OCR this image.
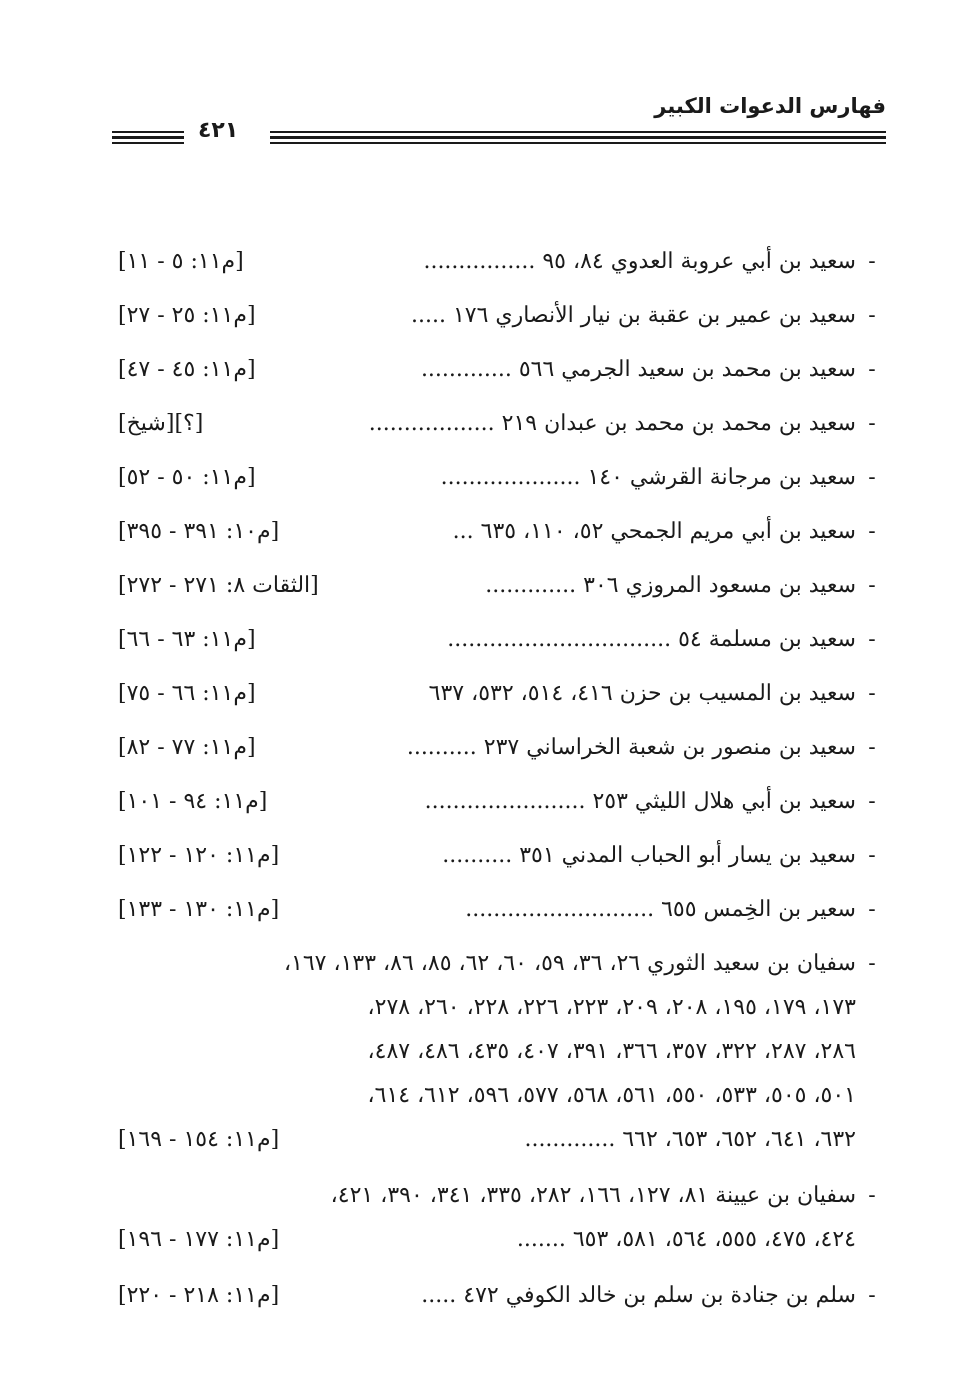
فهارس الدعوات الكبير
٤٢١
-سعيد بن أبي عروبة العدوي ٨٤، ٩٥ ................
[م١١: ٥ - ١١]
-سعيد بن عمير بن عقبة بن نيار الأنصاري ١٧٦ .....
[م١١: ٢٥ - ٢٧]
-سعيد بن محمد بن سعيد الجرمي ٥٦٦ .............
[م١١: ٤٥ - ٤٧]
-سعيد بن محمد بن محمد بن عبدان ٢١٩ ..................
[؟][شيخ]
-سعيد بن مرجانة القرشي ١٤٠ ....................
[م١١: ٥٠ - ٥٢]
-سعيد بن أبي مريم الجمحي ٥٢، ١١٠، ٦٣٥ ...
[م١٠: ٣٩١ - ٣٩٥]
-سعيد بن مسعود المروزي ٣٠٦ .............
[الثقات ٨: ٢٧١ - ٢٧٢]
-سعيد بن مسلمة ٥٤ ................................
[م١١: ٦٣ - ٦٦]
-سعيد بن المسيب بن حزن ٤١٦، ٥١٤، ٥٣٢، ٦٣٧
[م١١: ٦٦ - ٧٥]
-سعيد بن منصور بن شعبة الخراساني ٢٣٧ ..........
[م١١: ٧٧ - ٨٢]
-سعيد بن أبي هلال الليثي ٢٥٣ .......................
[م١١: ٩٤ - ١٠١]
-سعيد بن يسار أبو الحباب المدني ٣٥١ ..........
[م١١: ١٢٠ - ١٢٢]
-سعير بن الخِمس ٦٥٥ ...........................
[م١١: ١٣٠ - ١٣٣]
-سفيان بن سعيد الثوري ٢٦، ٣٦، ٥٩، ٦٠، ٦٢، ٨٥، ٨٦، ١٣٣، ١٦٧،
١٧٣، ١٧٩، ١٩٥، ٢٠٨، ٢٠٩، ٢٢٣، ٢٢٦، ٢٢٨، ٢٦٠، ٢٧٨،
٢٨٦، ٢٨٧، ٣٢٢، ٣٥٧، ٣٦٦، ٣٩١، ٤٠٧، ٤٣٥، ٤٨٦، ٤٨٧،
٥٠١، ٥٠٥، ٥٣٣، ٥٥٠، ٥٦١، ٥٦٨، ٥٧٧، ٥٩٦، ٦١٢، ٦١٤،
٦٣٢، ٦٤١، ٦٥٢، ٦٥٣، ٦٦٢ .............
[م١١: ١٥٤ - ١٦٩]
-سفيان بن عيينة ٨١، ١٢٧، ١٦٦، ٢٨٢، ٣٣٥، ٣٤١، ٣٩٠، ٤٢١،
٤٢٤، ٤٧٥، ٥٥٥، ٥٦٤، ٥٨١، ٦٥٣ .......
[م١١: ١٧٧ - ١٩٦]
-سلم بن جنادة بن سلم بن خالد الكوفي ٤٧٢ .....
[م١١: ٢١٨ - ٢٢٠]
